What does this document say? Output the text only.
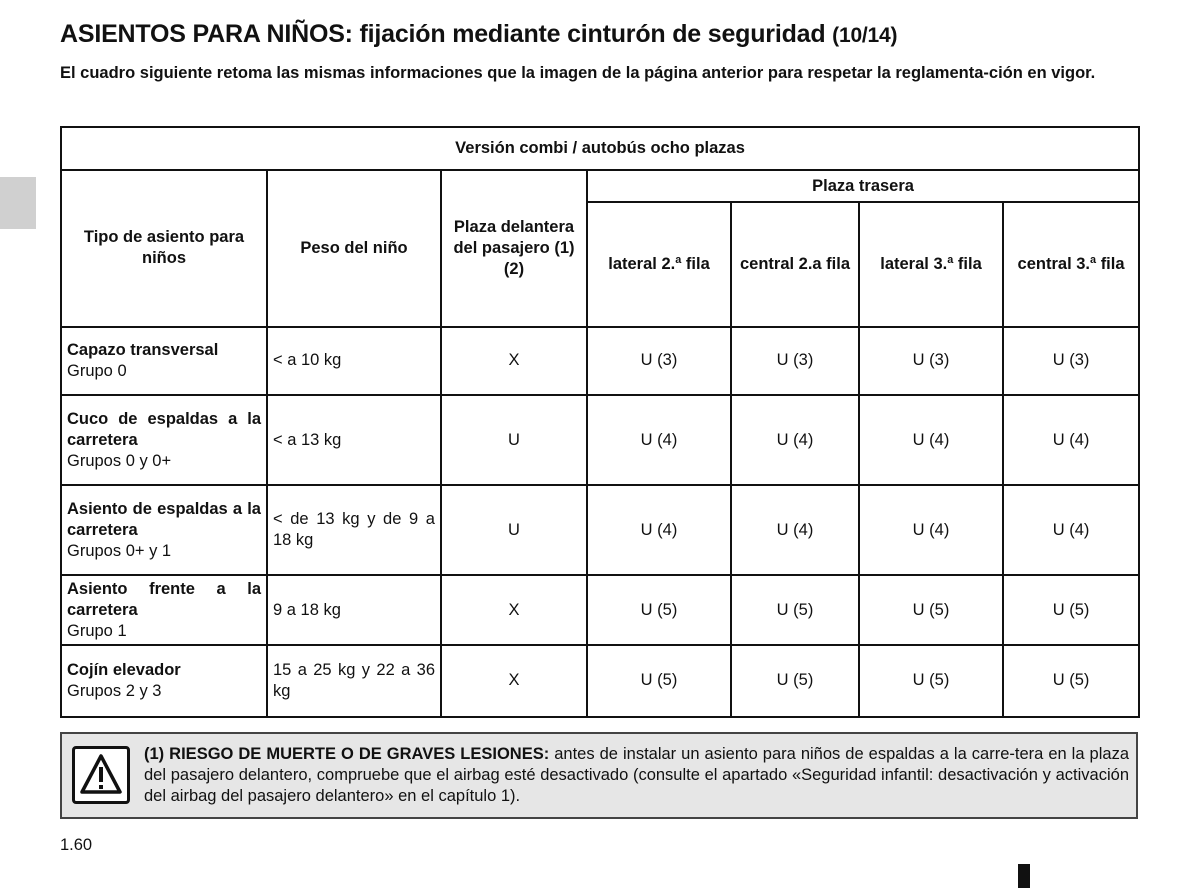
ASIENTOS PARA NIÑOS: fijación mediante cinturón de seguridad (10/14)

El cuadro siguiente retoma las mismas informaciones que la imagen de la página anterior para respetar la reglamenta-ción en vigor.

Versión combi / autobús ocho plazas						
Tipo de asiento para niños	Peso del niño	Plaza delantera del pasajero (1) (2)	Plaza trasera			
			lateral 2.ª fila	central 2.a fila	lateral 3.ª fila	central 3.ª fila

Capazo transversal
Grupo 0	< a 10 kg	X	U (3)	U (3)	U (3)	U (3)

Cuco de espaldas a la carretera
Grupos 0 y 0+	< a 13 kg	U	U (4)	U (4)	U (4)	U (4)

Asiento de espaldas a la carretera
Grupos 0+ y 1	< de 13 kg y de 9 a 18 kg	U	U (4)	U (4)	U (4)	U (4)

Asiento frente a la carretera
Grupo 1	9 a 18 kg	X	U (5)	U (5)	U (5)	U (5)

Cojín elevador
Grupos 2 y 3	15 a 25 kg y 22 a 36 kg	X	U (5)	U (5)	U (5)	U (5)

(1) RIESGO DE MUERTE O DE GRAVES LESIONES: antes de instalar un asiento para niños de espaldas a la carre-tera en la plaza del pasajero delantero, compruebe que el airbag esté desactivado (consulte el apartado «Seguridad infantil: desactivación y activación del airbag del pasajero delantero» en el capítulo 1).

1.60
